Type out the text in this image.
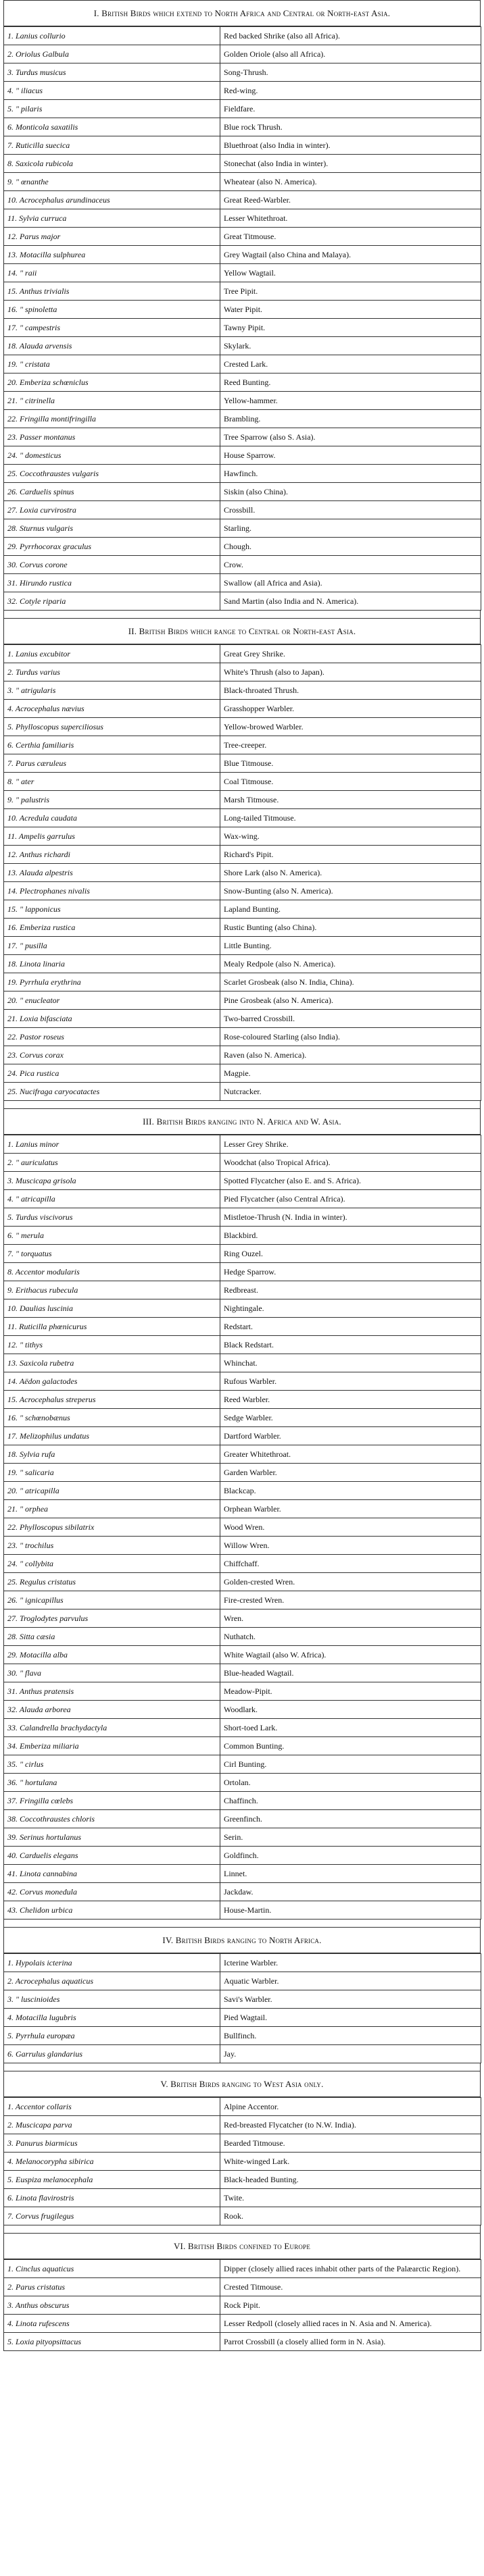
I. British Birds which extend to North Africa and Central or North-east Asia.
1. Lanius collurio	Red backed Shrike (also all Africa).
2. Oriolus Galbula	Golden Oriole (also all Africa).
3. Turdus musicus	Song-Thrush.
4. " iliacus	Red-wing.
5. " pilaris	Fieldfare.
6. Monticola saxatilis	Blue rock Thrush.
7. Ruticilla suecica	Bluethroat (also India in winter).
8. Saxicola rubicola	Stonechat (also India in winter).
9. " œnanthe	Wheatear (also N. America).
10. Acrocephalus arundinaceus	Great Reed-Warbler.
11. Sylvia curruca	Lesser Whitethroat.
12. Parus major	Great Titmouse.
13. Motacilla sulphurea	Grey Wagtail (also China and Malaya).
14. " raii	Yellow Wagtail.
15. Anthus trivialis	Tree Pipit.
16. " spinoletta	Water Pipit.
17. " campestris	Tawny Pipit.
18. Alauda arvensis	Skylark.
19. " cristata	Crested Lark.
20. Emberiza schœniclus	Reed Bunting.
21. " citrinella	Yellow-hammer.
22. Fringilla montifringilla	Brambling.
23. Passer montanus	Tree Sparrow (also S. Asia).
24. " domesticus	House Sparrow.
25. Coccothraustes vulgaris	Hawfinch.
26. Carduelis spinus	Siskin (also China).
27. Loxia curvirostra	Crossbill.
28. Sturnus vulgaris	Starling.
29. Pyrrhocorax graculus	Chough.
30. Corvus corone	Crow.
31. Hirundo rustica	Swallow (all Africa and Asia).
32. Cotyle riparia	Sand Martin (also India and N. America).
II. British Birds which range to Central or North-east Asia.
1. Lanius excubitor	Great Grey Shrike.
2. Turdus varius	White's Thrush (also to Japan).
3. " atrigularis	Black-throated Thrush.
4. Acrocephalus nævius	Grasshopper Warbler.
5. Phylloscopus superciliosus	Yellow-browed Warbler.
6. Certhia familiaris	Tree-creeper.
7. Parus cæruleus	Blue Titmouse.
8. " ater	Coal Titmouse.
9. " palustris	Marsh Titmouse.
10. Acredula caudata	Long-tailed Titmouse.
11. Ampelis garrulus	Wax-wing.
12. Anthus richardi	Richard's Pipit.
13. Alauda alpestris	Shore Lark (also N. America).
14. Plectrophanes nivalis	Snow-Bunting (also N. America).
15. " lapponicus	Lapland Bunting.
16. Emberiza rustica	Rustic Bunting (also China).
17. " pusilla	Little Bunting.
18. Linota linaria	Mealy Redpole (also N. America).
19. Pyrrhula erythrina	Scarlet Grosbeak (also N. India, China).
20. " enucleator	Pine Grosbeak (also N. America).
21. Loxia bifasciata	Two-barred Crossbill.
22. Pastor roseus	Rose-coloured Starling (also India).
23. Corvus corax	Raven (also N. America).
24. Pica rustica	Magpie.
25. Nucifraga caryocatactes	Nutcracker.
III. British Birds ranging into N. Africa and W. Asia.
1. Lanius minor	Lesser Grey Shrike.
2. " auriculatus	Woodchat (also Tropical Africa).
3. Muscicapa grisola	Spotted Flycatcher (also E. and S. Africa).
4. " atricapilla	Pied Flycatcher (also Central Africa).
5. Turdus viscivorus	Mistletoe-Thrush (N. India in winter).
6. " merula	Blackbird.
7. " torquatus	Ring Ouzel.
8. Accentor modularis	Hedge Sparrow.
9. Erithacus rubecula	Redbreast.
10. Daulias luscinia	Nightingale.
11. Ruticilla phœnicurus	Redstart.
12. " tithys	Black Redstart.
13. Saxicola rubetra	Whinchat.
14. Aëdon galactodes	Rufous Warbler.
15. Acrocephalus streperus	Reed Warbler.
16. " schœnobænus	Sedge Warbler.
17. Melizophilus undatus	Dartford Warbler.
18. Sylvia rufa	Greater Whitethroat.
19. " salicaria	Garden Warbler.
20. " atricapilla	Blackcap.
21. " orphea	Orphean Warbler.
22. Phylloscopus sibilatrix	Wood Wren.
23. " trochilus	Willow Wren.
24. " collybita	Chiffchaff.
25. Regulus cristatus	Golden-crested Wren.
26. " ignicapillus	Fire-crested Wren.
27. Troglodytes parvulus	Wren.
28. Sitta cæsia	Nuthatch.
29. Motacilla alba	White Wagtail (also W. Africa).
30. " flava	Blue-headed Wagtail.
31. Anthus pratensis	Meadow-Pipit.
32. Alauda arborea	Woodlark.
33. Calandrella brachydactyla	Short-toed Lark.
34. Emberiza miliaria	Common Bunting.
35. " cirlus	Cirl Bunting.
36. " hortulana	Ortolan.
37. Fringilla cœlebs	Chaffinch.
38. Coccothraustes chloris	Greenfinch.
39. Serinus hortulanus	Serin.
40. Carduelis elegans	Goldfinch.
41. Linota cannabina	Linnet.
42. Corvus monedula	Jackdaw.
43. Chelidon urbica	House-Martin.
IV. British Birds ranging to North Africa.
1. Hypolais icterina	Icterine Warbler.
2. Acrocephalus aquaticus	Aquatic Warbler.
3. " luscinioides	Savi's Warbler.
4. Motacilla lugubris	Pied Wagtail.
5. Pyrrhula europæa	Bullfinch.
6. Garrulus glandarius	Jay.
V. British Birds ranging to West Asia only.
1. Accentor collaris	Alpine Accentor.
2. Muscicapa parva	Red-breasted Flycatcher (to N.W. India).
3. Panurus biarmicus	Bearded Titmouse.
4. Melanocorypha sibirica	White-winged Lark.
5. Euspiza melanocephala	Black-headed Bunting.
6. Linota flavirostris	Twite.
7. Corvus frugilegus	Rook.
VI. British Birds confined to Europe
1. Cinclus aquaticus	Dipper (closely allied races inhabit other parts of the Palæarctic Region).
2. Parus cristatus	Crested Titmouse.
3. Anthus obscurus	Rock Pipit.
4. Linota rufescens	Lesser Redpoll (closely allied races in N. Asia and N. America).
5. Loxia pityopsittacus	Parrot Crossbill (a closely allied form in N. Asia).
